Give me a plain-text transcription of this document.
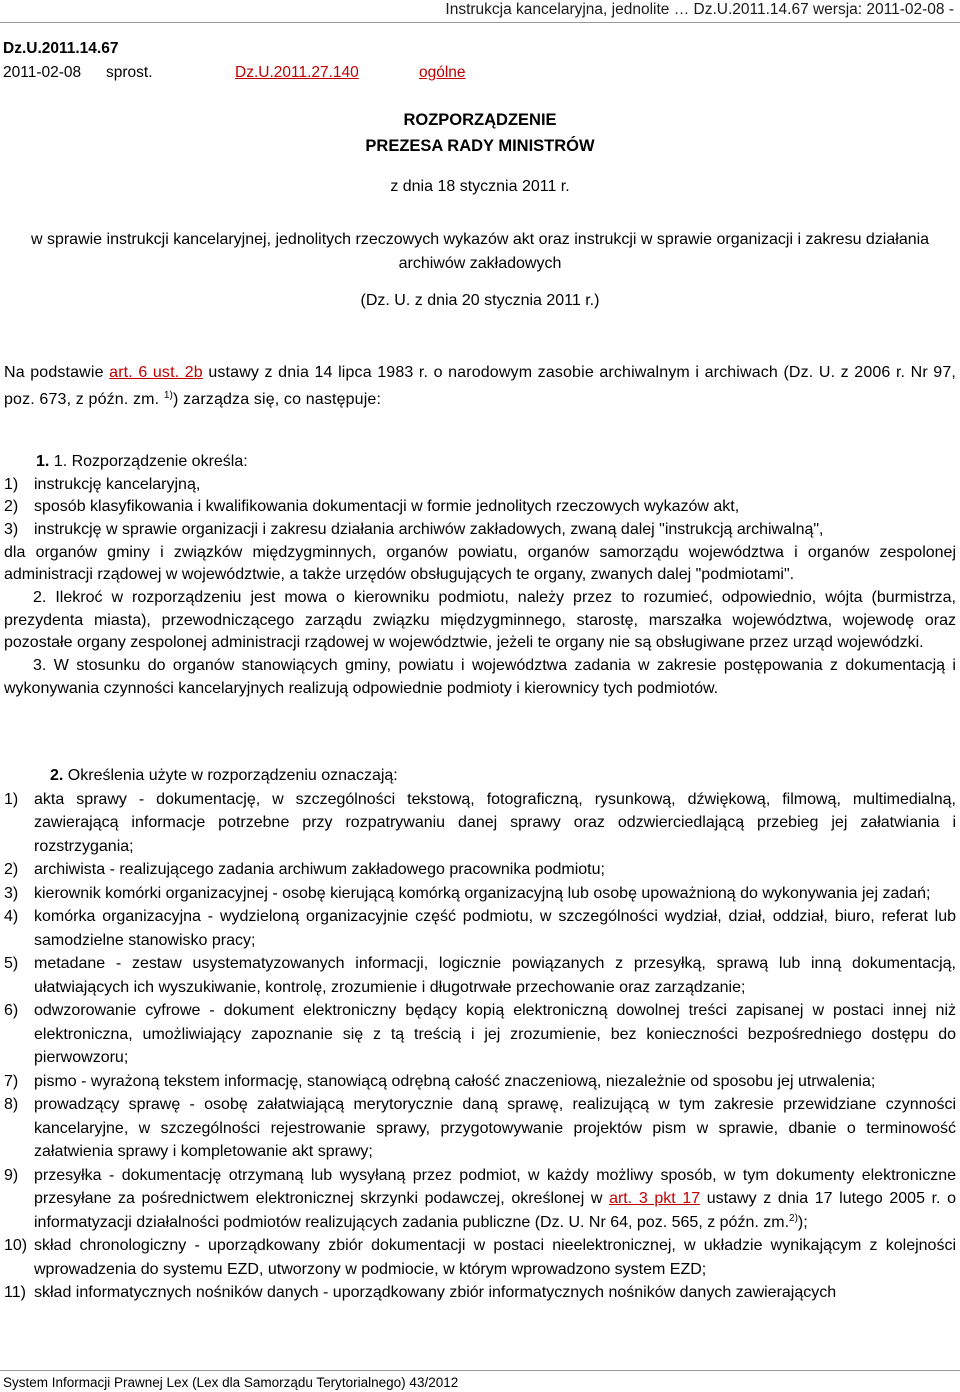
Instrukcja kancelaryjna, jednolite … Dz.U.2011.14.67 wersja: 2011-02-08 -
Dz.U.2011.14.67
2011-02-08 sprost.	Dz.U.2011.27.140	ogólne
ROZPORZĄDZENIE
PREZESA RADY MINISTRÓW
z dnia 18 stycznia 2011 r.
w sprawie instrukcji kancelaryjnej, jednolitych rzeczowych wykazów akt oraz instrukcji w sprawie organizacji i zakresu działania archiwów zakładowych
(Dz. U. z dnia 20 stycznia 2011 r.)
Na podstawie art. 6 ust. 2b ustawy z dnia 14 lipca 1983 r. o narodowym zasobie archiwalnym i archiwach (Dz. U. z 2006 r. Nr 97, poz. 673, z późn. zm. $^{1)}$) zarządza się, co następuje:
1. 1. Rozporządzenie określa:
1) instrukcję kancelaryjną,
2) sposób klasyfikowania i kwalifikowania dokumentacji w formie jednolitych rzeczowych wykazów akt,
3) instrukcję w sprawie organizacji i zakresu działania archiwów zakładowych, zwaną dalej "instrukcją archiwalną",
dla organów gminy i związków międzygminnych, organów powiatu, organów samorządu województwa i organów zespolonej administracji rządowej w województwie, a także urzędów obsługujących te organy, zwanych dalej "podmiotami".
2. Ilekroć w rozporządzeniu jest mowa o kierowniku podmiotu, należy przez to rozumieć, odpowiednio, wójta (burmistrza, prezydenta miasta), przewodniczącego zarządu związku międzygminnego, starostę, marszałka województwa, wojewodę oraz pozostałe organy zespolonej administracji rządowej w województwie, jeżeli te organy nie są obsługiwane przez urząd wojewódzki.
3. W stosunku do organów stanowiących gminy, powiatu i województwa zadania w zakresie postępowania z dokumentacją i wykonywania czynności kancelaryjnych realizują odpowiednie podmioty i kierownicy tych podmiotów.
2. Określenia użyte w rozporządzeniu oznaczają:
1) akta sprawy - dokumentację, w szczególności tekstową, fotograficzną, rysunkową, dźwiękową, filmową, multimedialną, zawierającą informacje potrzebne przy rozpatrywaniu danej sprawy oraz odzwierciedlającą przebieg jej załatwiania i rozstrzygania;
2) archiwista - realizującego zadania archiwum zakładowego pracownika podmiotu;
3) kierownik komórki organizacyjnej - osobę kierującą komórką organizacyjną lub osobę upoważnioną do wykonywania jej zadań;
4) komórka organizacyjna - wydzieloną organizacyjnie część podmiotu, w szczególności wydział, dział, oddział, biuro, referat lub samodzielne stanowisko pracy;
5) metadane - zestaw usystematyzowanych informacji, logicznie powiązanych z przesyłką, sprawą lub inną dokumentacją, ułatwiających ich wyszukiwanie, kontrolę, zrozumienie i długotrwałe przechowanie oraz zarządzanie;
6) odwzorowanie cyfrowe - dokument elektroniczny będący kopią elektroniczną dowolnej treści zapisanej w postaci innej niż elektroniczna, umożliwiający zapoznanie się z tą treścią i jej zrozumienie, bez konieczności bezpośredniego dostępu do pierwowzoru;
7) pismo - wyrażoną tekstem informację, stanowiącą odrębną całość znaczeniową, niezależnie od sposobu jej utrwalenia;
8) prowadzący sprawę - osobę załatwiającą merytorycznie daną sprawę, realizującą w tym zakresie przewidziane czynności kancelaryjne, w szczególności rejestrowanie sprawy, przygotowywanie projektów pism w sprawie, dbanie o terminowość załatwienia sprawy i kompletowanie akt sprawy;
9) przesyłka - dokumentację otrzymaną lub wysyłaną przez podmiot, w każdy możliwy sposób, w tym dokumenty elektroniczne przesyłane za pośrednictwem elektronicznej skrzynki podawczej, określonej w art. 3 pkt 17 ustawy z dnia 17 lutego 2005 r. o informatyzacji działalności podmiotów realizujących zadania publiczne (Dz. U. Nr 64, poz. 565, z późn. zm.$^{2)}$);
10) skład chronologiczny - uporządkowany zbiór dokumentacji w postaci nieelektronicznej, w układzie wynikającym z kolejności wprowadzenia do systemu EZD, utworzony w podmiocie, w którym wprowadzono system EZD;
11) skład informatycznych nośników danych - uporządkowany zbiór informatycznych nośników danych zawierających
System Informacji Prawnej Lex (Lex dla Samorządu Terytorialnego) 43/2012
